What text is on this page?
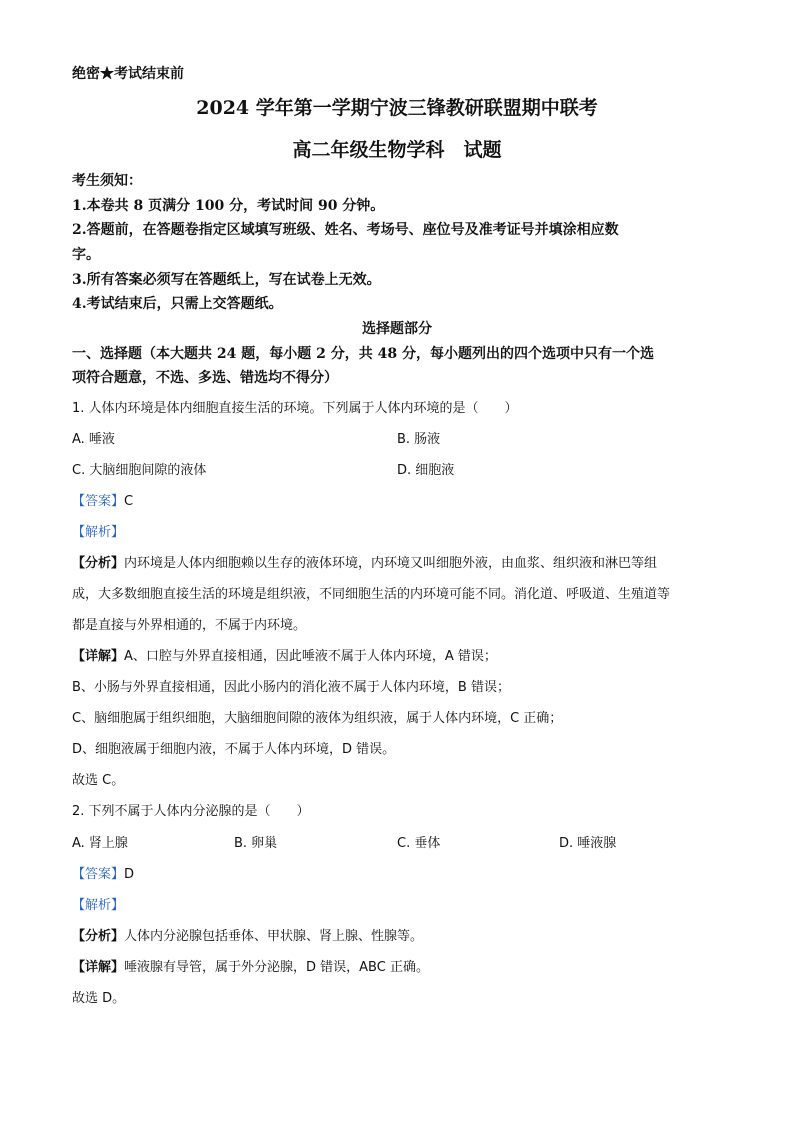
绝密★考试结束前
2024 学年第一学期宁波三锋教研联盟期中联考
高二年级生物学科　试题
考生须知：
1.本卷共 8 页满分 100 分，考试时间 90 分钟。
2.答题前，在答题卷指定区域填写班级、姓名、考场号、座位号及准考证号并填涂相应数
字。
3.所有答案必须写在答题纸上，写在试卷上无效。
4.考试结束后，只需上交答题纸。
选择题部分
一、选择题（本大题共 24 题，每小题 2 分，共 48 分，每小题列出的四个选项中只有一个选
项符合题意，不选、多选、错选均不得分）
1. 人体内环境是体内细胞直接生活的环境。下列属于人体内环境的是（　　）
A. 唾液	B. 肠液
C. 大脑细胞间隙的液体	D. 细胞液
【答案】C
【解析】
【分析】内环境是人体内细胞赖以生存的液体环境，内环境又叫细胞外液，由血浆、组织液和淋巴等组
成，大多数细胞直接生活的环境是组织液，不同细胞生活的内环境可能不同。消化道、呼吸道、生殖道等
都是直接与外界相通的，不属于内环境。
【详解】A、口腔与外界直接相通，因此唾液不属于人体内环境，A 错误；
B、小肠与外界直接相通，因此小肠内的消化液不属于人体内环境，B 错误；
C、脑细胞属于组织细胞，大脑细胞间隙的液体为组织液，属于人体内环境，C 正确；
D、细胞液属于细胞内液，不属于人体内环境，D 错误。
故选 C。
2. 下列不属于人体内分泌腺的是（　　）
A. 肾上腺	B. 卵巢	C. 垂体	D. 唾液腺
【答案】D
【解析】
【分析】人体内分泌腺包括垂体、甲状腺、肾上腺、性腺等。
【详解】唾液腺有导管，属于外分泌腺，D 错误，ABC 正确。
故选 D。
